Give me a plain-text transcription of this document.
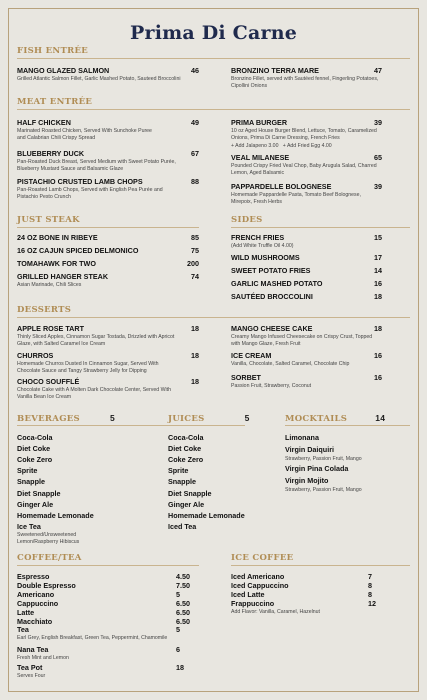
Prima Di Carne
FISH ENTRÉE
MANGO GLAZED SALMON	46
Grilled Atlantic Salmon Fillet, Garlic Mashed Potato, Sauteed Broccolini
BRONZINO TERRA MARE	47
Bronzino Fillet, served with Sautéed fennel, Fingerling Potatoes, Cipollini Onions
MEAT ENTRÉE
HALF CHICKEN	49
Marinated Roasted Chicken, Served With Sunchoke Puree and Calabrian Chili Crispy Spread
BLUEBERRY DUCK	67
Pan-Roasted Duck Breast, Served Medium with Sweet Potato Purée, Blueberry Mustard Sauce and Balsamic Glaze
PISTACHIO CRUSTED LAMB CHOPS	88
Pan-Roasted Lamb Chops, Served with English Pea Purée and Pistachio Pesto Crunch
PRIMA BURGER	39
10 oz Aged House Burger Blend, Lettuce, Tomato, Caramelized Onions, Prima Di Carne Dressing, French Fries
+ Add Jalapeno 3.00 + Add Fried Egg 4.00
VEAL MILANESE	65
Pounded Crispy Fried Veal Chop, Baby Arugula Salad, Charred Lemon, Aged Balsamic
PAPPARDELLE BOLOGNESE	39
Homemade Pappardelle Pasta, Tomato Beef Bolognese, Mirepoix, Fresh Herbs
JUST STEAK	SIDES
24 OZ BONE IN RIBEYE	85
16 OZ CAJUN SPICED DELMONICO	75
TOMAHAWK FOR TWO	200
GRILLED HANGER STEAK	74
Asian Marinade, Chili Slices
FRENCH FRIES	15
(Add White Truffle Oil 4.00)
WILD MUSHROOMS	17
SWEET POTATO FRIES	14
GARLIC MASHED POTATO	16
SAUTÉED BROCCOLINI	18
DESSERTS
APPLE ROSE TART	18
Thinly Sliced Apples, Cinnamon Sugar Tostada, Drizzled with Apricot Glaze, with Salted Caramel Ice Cream
CHURROS	18
Homemade Churros Dusted In Cinnamon Sugar, Served With Chocolate Sauce and Tangy Strawberry Jelly for Dipping
CHOCO SOUFFLÉ	18
Chocolate Cake with A Molten Dark Chocolate Center, Served With Vanilla Bean Ice Cream
MANGO CHEESE CAKE	18
Creamy Mango Infused Cheesecake on Crispy Crust, Topped with Mango Glaze, Fresh Fruit
ICE CREAM	16
Vanilla, Chocolate, Salted Caramel, Chocolate Chip
SORBET	16
Passion Fruit, Strawberry, Coconut
BEVERAGES	5	JUICES	5	MOCKTAILS	14
Coca-Cola
Diet Coke
Coke Zero
Sprite
Snapple
Diet Snapple
Ginger Ale
Homemade Lemonade
Ice Tea
Sweetened/Unsweetened Lemon/Raspberry Hibiscus
Coca-Cola
Diet Coke
Coke Zero
Sprite
Snapple
Diet Snapple
Ginger Ale
Homemade Lemonade
Iced Tea
Limonana
Virgin Daiquiri
Strawberry, Passion Fruit, Mango
Virgin Pina Colada
Virgin Mojito
Strawberry, Passion Fruit, Mango
COFFEE/TEA	ICE COFFEE
Espresso	4.50
Double Espresso	7.50
Americano	5
Cappuccino	6.50
Latte	6.50
Macchiato	6.50
Tea	5
Earl Grey, English Breakfast, Green Tea, Peppermint, Chamomile
Nana Tea	6
Fresh Mint and Lemon
Tea Pot	18
Serves Four
Iced Americano	7
Iced Cappuccino	8
Iced Latte	8
Frappuccino	12
Add Flavor: Vanilla, Caramel, Hazelnut
